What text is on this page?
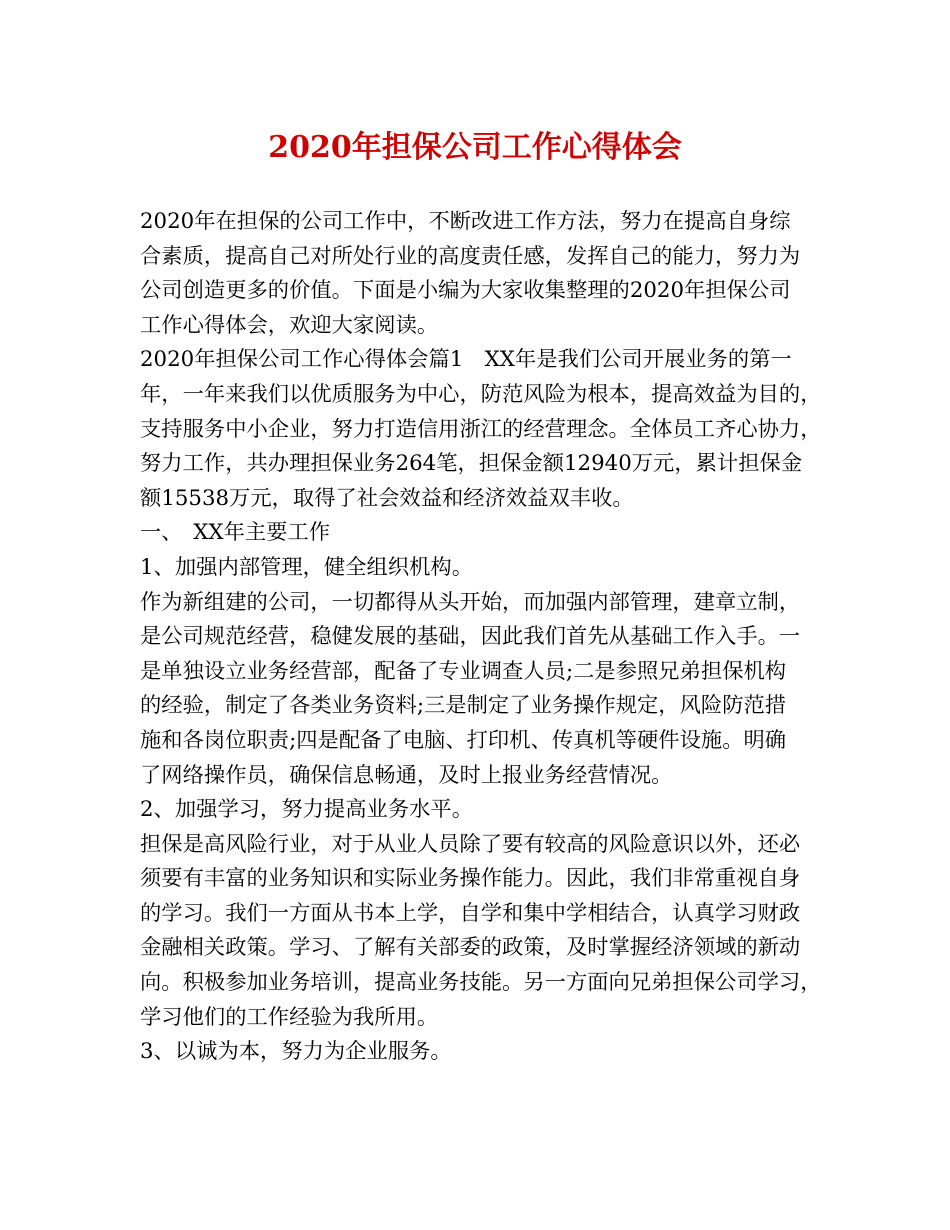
2020年担保公司工作心得体会
2020年在担保的公司工作中，不断改进工作方法，努力在提高自身综
合素质，提高自己对所处行业的高度责任感，发挥自己的能力，努力为
公司创造更多的价值。下面是小编为大家收集整理的2020年担保公司
工作心得体会，欢迎大家阅读。
2020年担保公司工作心得体会篇1　XX年是我们公司开展业务的第一
年，一年来我们以优质服务为中心，防范风险为根本，提高效益为目的，
支持服务中小企业，努力打造信用浙江的经营理念。全体员工齐心协力，
努力工作，共办理担保业务264笔，担保金额12940万元，累计担保金
额15538万元，取得了社会效益和经济效益双丰收。
一、　XX年主要工作
1、加强内部管理，健全组织机构。
作为新组建的公司，一切都得从头开始，而加强内部管理，建章立制，
是公司规范经营，稳健发展的基础，因此我们首先从基础工作入手。一
是单独设立业务经营部，配备了专业调查人员;二是参照兄弟担保机构
的经验，制定了各类业务资料;三是制定了业务操作规定，风险防范措
施和各岗位职责;四是配备了电脑、打印机、传真机等硬件设施。明确
了网络操作员，确保信息畅通，及时上报业务经营情况。
2、加强学习，努力提高业务水平。
担保是高风险行业，对于从业人员除了要有较高的风险意识以外，还必
须要有丰富的业务知识和实际业务操作能力。因此，我们非常重视自身
的学习。我们一方面从书本上学，自学和集中学相结合，认真学习财政
金融相关政策。学习、了解有关部委的政策，及时掌握经济领域的新动
向。积极参加业务培训，提高业务技能。另一方面向兄弟担保公司学习，
学习他们的工作经验为我所用。
3、以诚为本，努力为企业服务。
